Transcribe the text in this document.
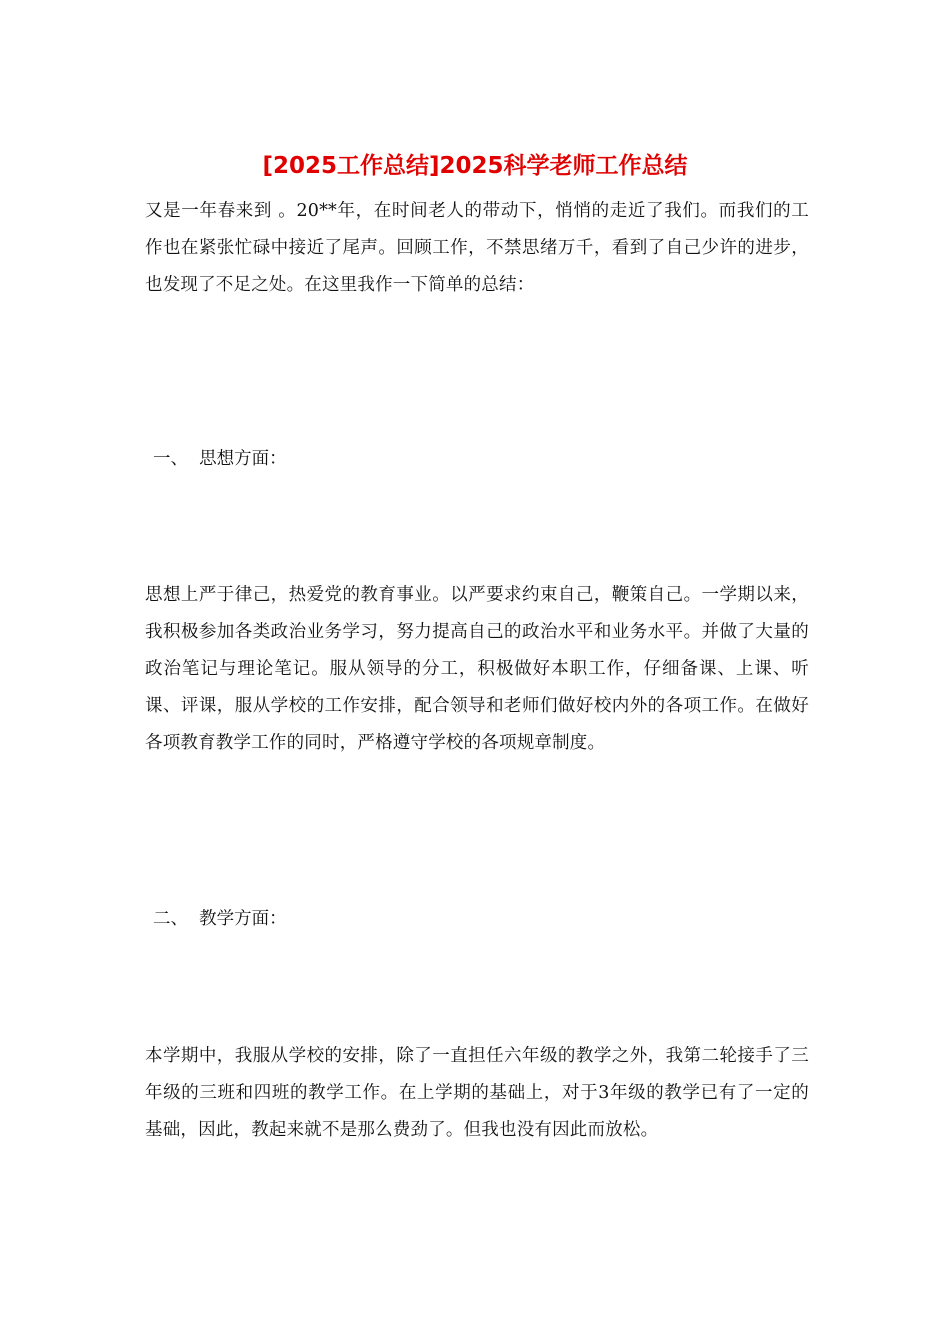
[2025工作总结]2025科学老师工作总结

又是一年春来到 。20**年，在时间老人的带动下，悄悄的走近了我们。而我们的工作也在紧张忙碌中接近了尾声。回顾工作，不禁思绪万千，看到了自己少许的进步，也发现了不足之处。在这里我作一下简单的总结：

一、  思想方面：

思想上严于律己，热爱党的教育事业。以严要求约束自己，鞭策自己。一学期以来，我积极参加各类政治业务学习，努力提高自己的政治水平和业务水平。并做了大量的政治笔记与理论笔记。服从领导的分工，积极做好本职工作，仔细备课、上课、听课、评课，服从学校的工作安排，配合领导和老师们做好校内外的各项工作。在做好各项教育教学工作的同时，严格遵守学校的各项规章制度。

二、  教学方面：

本学期中，我服从学校的安排，除了一直担任六年级的教学之外，我第二轮接手了三年级的三班和四班的教学工作。在上学期的基础上，对于3年级的教学已有了一定的基础，因此，教起来就不是那么费劲了。但我也没有因此而放松。
